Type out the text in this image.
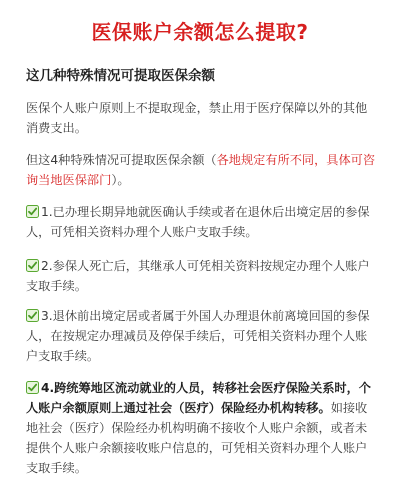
医保账户余额怎么提取?
这几种特殊情况可提取医保余额
医保个人账户原则上不提取现金，禁止用于医疗保障以外的其他消费支出。
但这4种特殊情况可提取医保余额（各地规定有所不同，具体可咨询当地医保部门）。
1.已办理长期异地就医确认手续或者在退休后出境定居的参保人，可凭相关资料办理个人账户支取手续。
2.参保人死亡后，其继承人可凭相关资料按规定办理个人账户支取手续。
3.退休前出境定居或者属于外国人办理退休前离境回国的参保人，在按规定办理减员及停保手续后，可凭相关资料办理个人账户支取手续。
4.跨统筹地区流动就业的人员，转移社会医疗保险关系时，个人账户余额原则上通过社会（医疗）保险经办机构转移。如接收地社会（医疗）保险经办机构明确不接收个人账户余额，或者未提供个人账户余额接收账户信息的，可凭相关资料办理个人账户支取手续。
